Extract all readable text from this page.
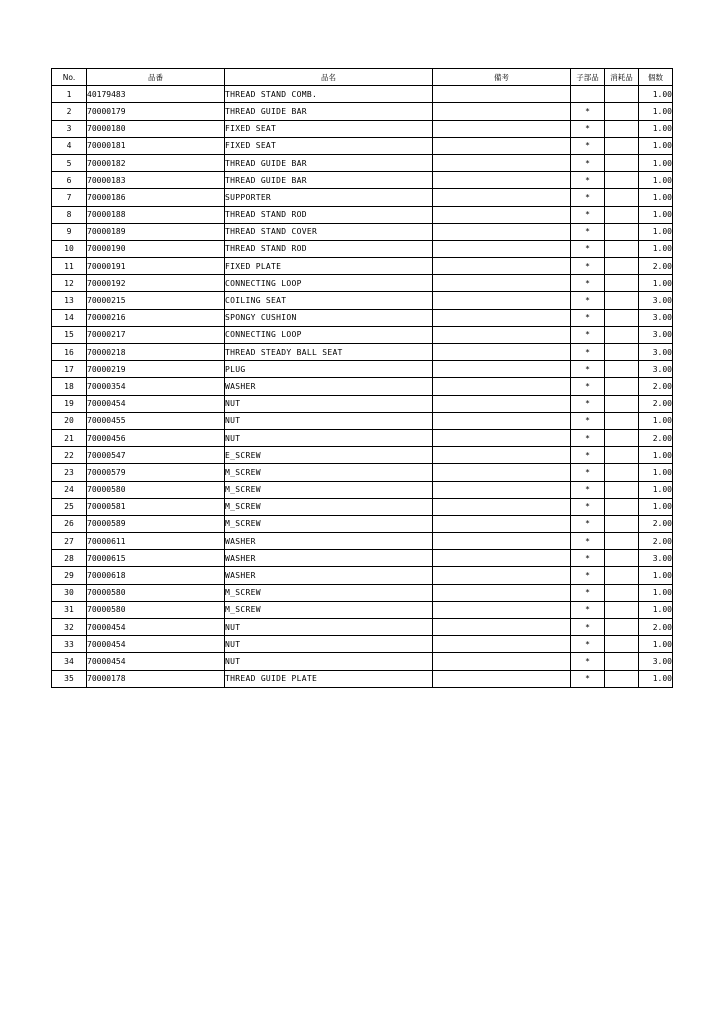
No.	品番	品名	備考	子部品	消耗品	個数
1	40179483	THREAD STAND COMB.				1.00
2	70000179	THREAD GUIDE BAR		*		1.00
3	70000180	FIXED SEAT		*		1.00
4	70000181	FIXED SEAT		*		1.00
5	70000182	THREAD GUIDE BAR		*		1.00
6	70000183	THREAD GUIDE BAR		*		1.00
7	70000186	SUPPORTER		*		1.00
8	70000188	THREAD STAND ROD		*		1.00
9	70000189	THREAD STAND COVER		*		1.00
10	70000190	THREAD STAND ROD		*		1.00
11	70000191	FIXED PLATE		*		2.00
12	70000192	CONNECTING LOOP		*		1.00
13	70000215	COILING SEAT		*		3.00
14	70000216	SPONGY CUSHION		*		3.00
15	70000217	CONNECTING LOOP		*		3.00
16	70000218	THREAD STEADY BALL SEAT		*		3.00
17	70000219	PLUG		*		3.00
18	70000354	WASHER		*		2.00
19	70000454	NUT		*		2.00
20	70000455	NUT		*		1.00
21	70000456	NUT		*		2.00
22	70000547	E_SCREW		*		1.00
23	70000579	M_SCREW		*		1.00
24	70000580	M_SCREW		*		1.00
25	70000581	M_SCREW		*		1.00
26	70000589	M_SCREW		*		2.00
27	70000611	WASHER		*		2.00
28	70000615	WASHER		*		3.00
29	70000618	WASHER		*		1.00
30	70000580	M_SCREW		*		1.00
31	70000580	M_SCREW		*		1.00
32	70000454	NUT		*		2.00
33	70000454	NUT		*		1.00
34	70000454	NUT		*		3.00
35	70000178	THREAD GUIDE PLATE		*		1.00
